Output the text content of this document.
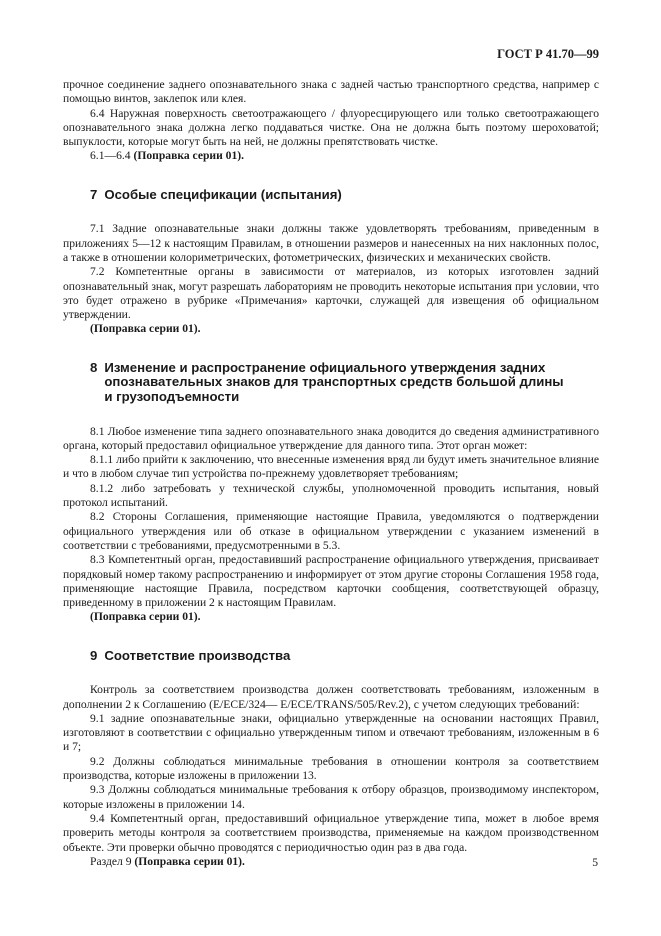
ГОСТ Р 41.70—99

прочное соединение заднего опознавательного знака с задней частью транспортного средства, например с помощью винтов, заклепок или клея.

6.4 Наружная поверхность светоотражающего / флуоресцирующего или только светоотражающего опознавательного знака должна легко поддаваться чистке. Она не должна быть поэтому шероховатой; выпуклости, которые могут быть на ней, не должны препятствовать чистке.

6.1—6.4 (Поправка серии 01).

7 Особые спецификации (испытания)

7.1 Задние опознавательные знаки должны также удовлетворять требованиям, приведенным в приложениях 5—12 к настоящим Правилам, в отношении размеров и нанесенных на них наклонных полос, а также в отношении колориметрических, фотометрических, физических и механических свойств.

7.2 Компетентные органы в зависимости от материалов, из которых изготовлен задний опознавательный знак, могут разрешать лабораториям не проводить некоторые испытания при условии, что это будет отражено в рубрике «Примечания» карточки, служащей для извещения об официальном утверждении.

(Поправка серии 01).

8 Изменение и распространение официального утверждения задних
опознавательных знаков для транспортных средств большой длины
и грузоподъемности

8.1 Любое изменение типа заднего опознавательного знака доводится до сведения административного органа, который предоставил официальное утверждение для данного типа. Этот орган может:

8.1.1 либо прийти к заключению, что внесенные изменения вряд ли будут иметь значительное влияние и что в любом случае тип устройства по-прежнему удовлетворяет требованиям;

8.1.2 либо затребовать у технической службы, уполномоченной проводить испытания, новый протокол испытаний.

8.2 Стороны Соглашения, применяющие настоящие Правила, уведомляются о подтверждении официального утверждения или об отказе в официальном утверждении с указанием изменений в соответствии с требованиями, предусмотренными в 5.3.

8.3 Компетентный орган, предоставивший распространение официального утверждения, присваивает порядковый номер такому распространению и информирует от этом другие стороны Соглашения 1958 года, применяющие настоящие Правила, посредством карточки сообщения, соответствующей образцу, приведенному в приложении 2 к настоящим Правилам.

(Поправка серии 01).

9 Соответствие производства

Контроль за соответствием производства должен соответствовать требованиям, изложенным в дополнении 2 к Соглашению (E/ECE/324— E/ECE/TRANS/505/Rev.2), с учетом следующих требований:

9.1 задние опознавательные знаки, официально утвержденные на основании настоящих Правил, изготовляют в соответствии с официально утвержденным типом и отвечают требованиям, изложенным в 6 и 7;

9.2 Должны соблюдаться минимальные требования в отношении контроля за соответствием производства, которые изложены в приложении 13.

9.3 Должны соблюдаться минимальные требования к отбору образцов, производимому инспектором, которые изложены в приложении 14.

9.4 Компетентный орган, предоставивший официальное утверждение типа, может в любое время проверить методы контроля за соответствием производства, применяемые на каждом производственном объекте. Эти проверки обычно проводятся с периодичностью один раз в два года.

Раздел 9 (Поправка серии 01).	5
